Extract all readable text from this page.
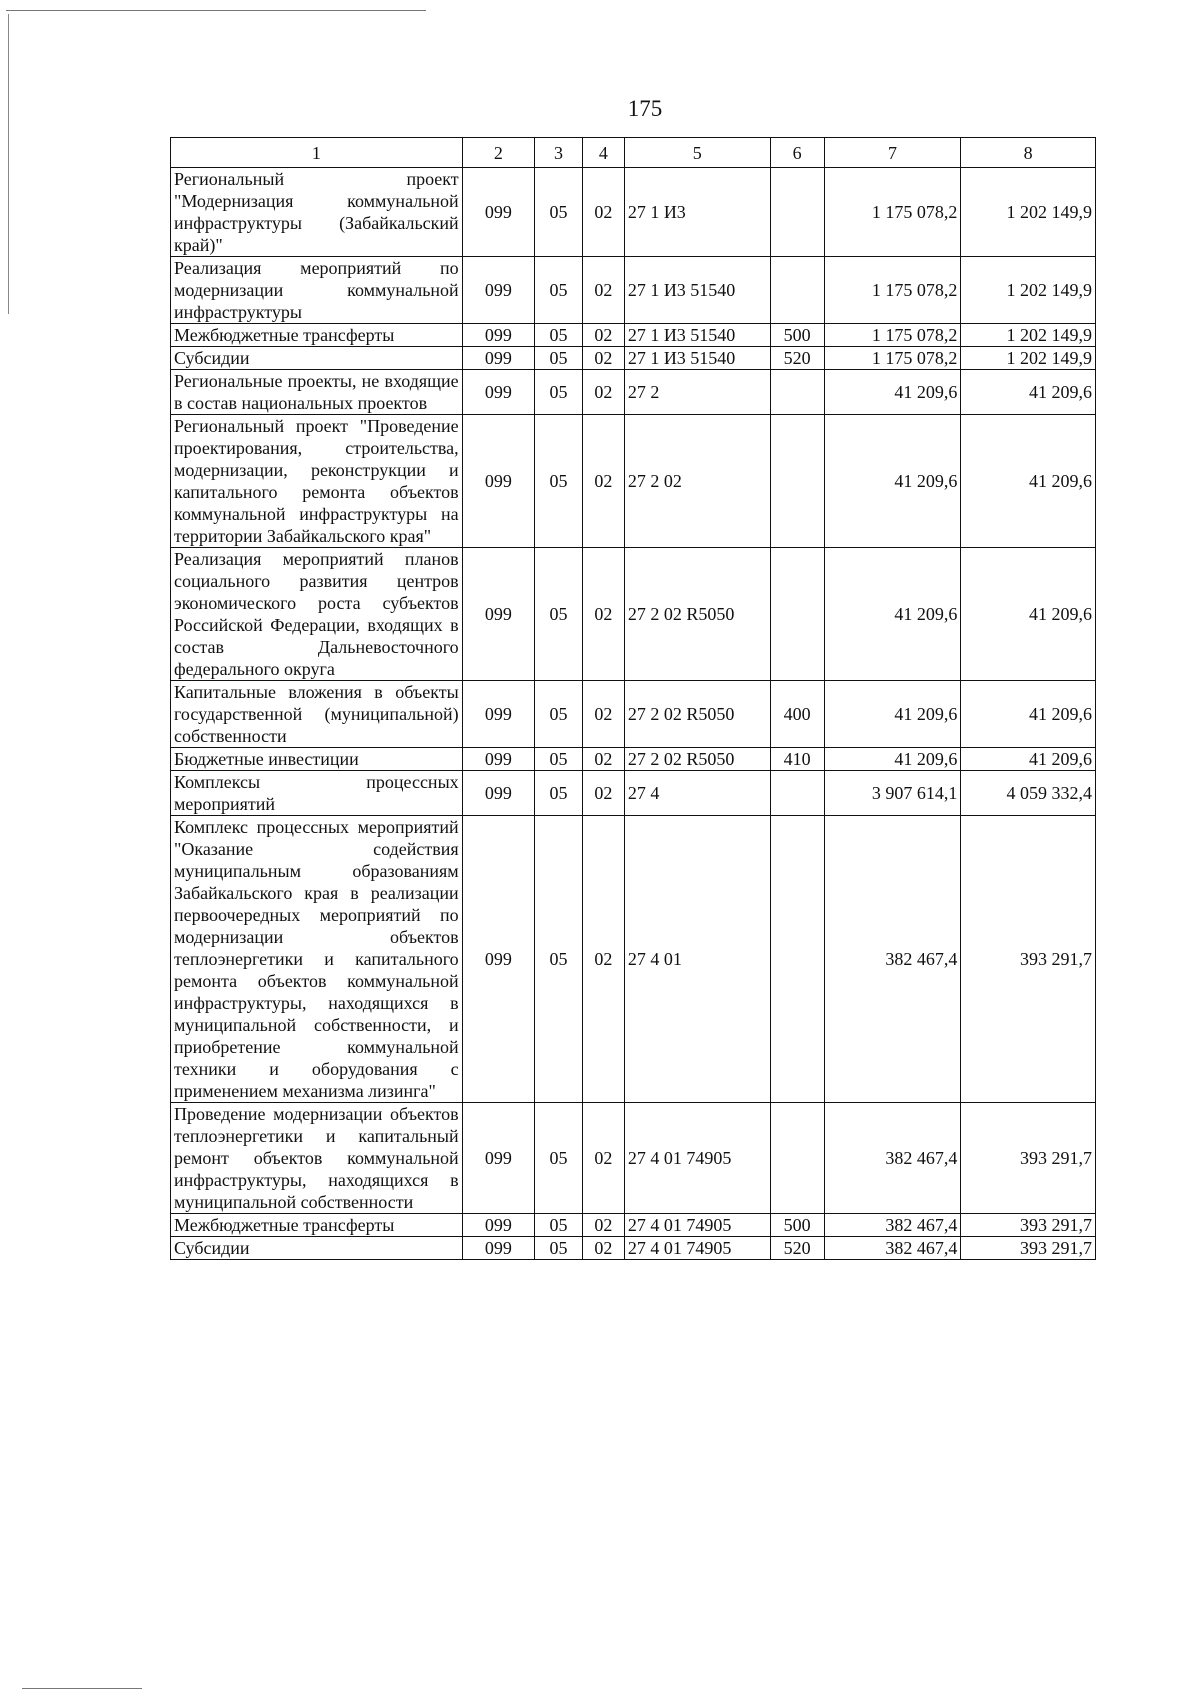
175
1	2	3	4	5	6	7	8
Региональный проект "Модернизация коммунальной инфраструктуры (Забайкальский край)"	099	05	02	27 1 И3		1 175 078,2	1 202 149,9
Реализация мероприятий по модернизации коммунальной инфраструктуры	099	05	02	27 1 И3 51540		1 175 078,2	1 202 149,9
Межбюджетные трансферты	099	05	02	27 1 И3 51540	500	1 175 078,2	1 202 149,9
Субсидии	099	05	02	27 1 И3 51540	520	1 175 078,2	1 202 149,9
Региональные проекты, не входящие в состав национальных проектов	099	05	02	27 2		41 209,6	41 209,6
Региональный проект "Проведение проектирования, строительства, модернизации, реконструкции и капитального ремонта объектов коммунальной инфраструктуры на территории Забайкальского края"	099	05	02	27 2 02		41 209,6	41 209,6
Реализация мероприятий планов социального развития центров экономического роста субъектов Российской Федерации, входящих в состав Дальневосточного федерального округа	099	05	02	27 2 02 R5050		41 209,6	41 209,6
Капитальные вложения в объекты государственной (муниципальной) собственности	099	05	02	27 2 02 R5050	400	41 209,6	41 209,6
Бюджетные инвестиции	099	05	02	27 2 02 R5050	410	41 209,6	41 209,6
Комплексы процессных мероприятий	099	05	02	27 4		3 907 614,1	4 059 332,4
Комплекс процессных мероприятий "Оказание содействия муниципальным образованиям Забайкальского края в реализации первоочередных мероприятий по модернизации объектов теплоэнергетики и капитального ремонта объектов коммунальной инфраструктуры, находящихся в муниципальной собственности, и приобретение коммунальной техники и оборудования с применением механизма лизинга"	099	05	02	27 4 01		382 467,4	393 291,7
Проведение модернизации объектов теплоэнергетики и капитальный ремонт объектов коммунальной инфраструктуры, находящихся в муниципальной собственности	099	05	02	27 4 01 74905		382 467,4	393 291,7
Межбюджетные трансферты	099	05	02	27 4 01 74905	500	382 467,4	393 291,7
Субсидии	099	05	02	27 4 01 74905	520	382 467,4	393 291,7
